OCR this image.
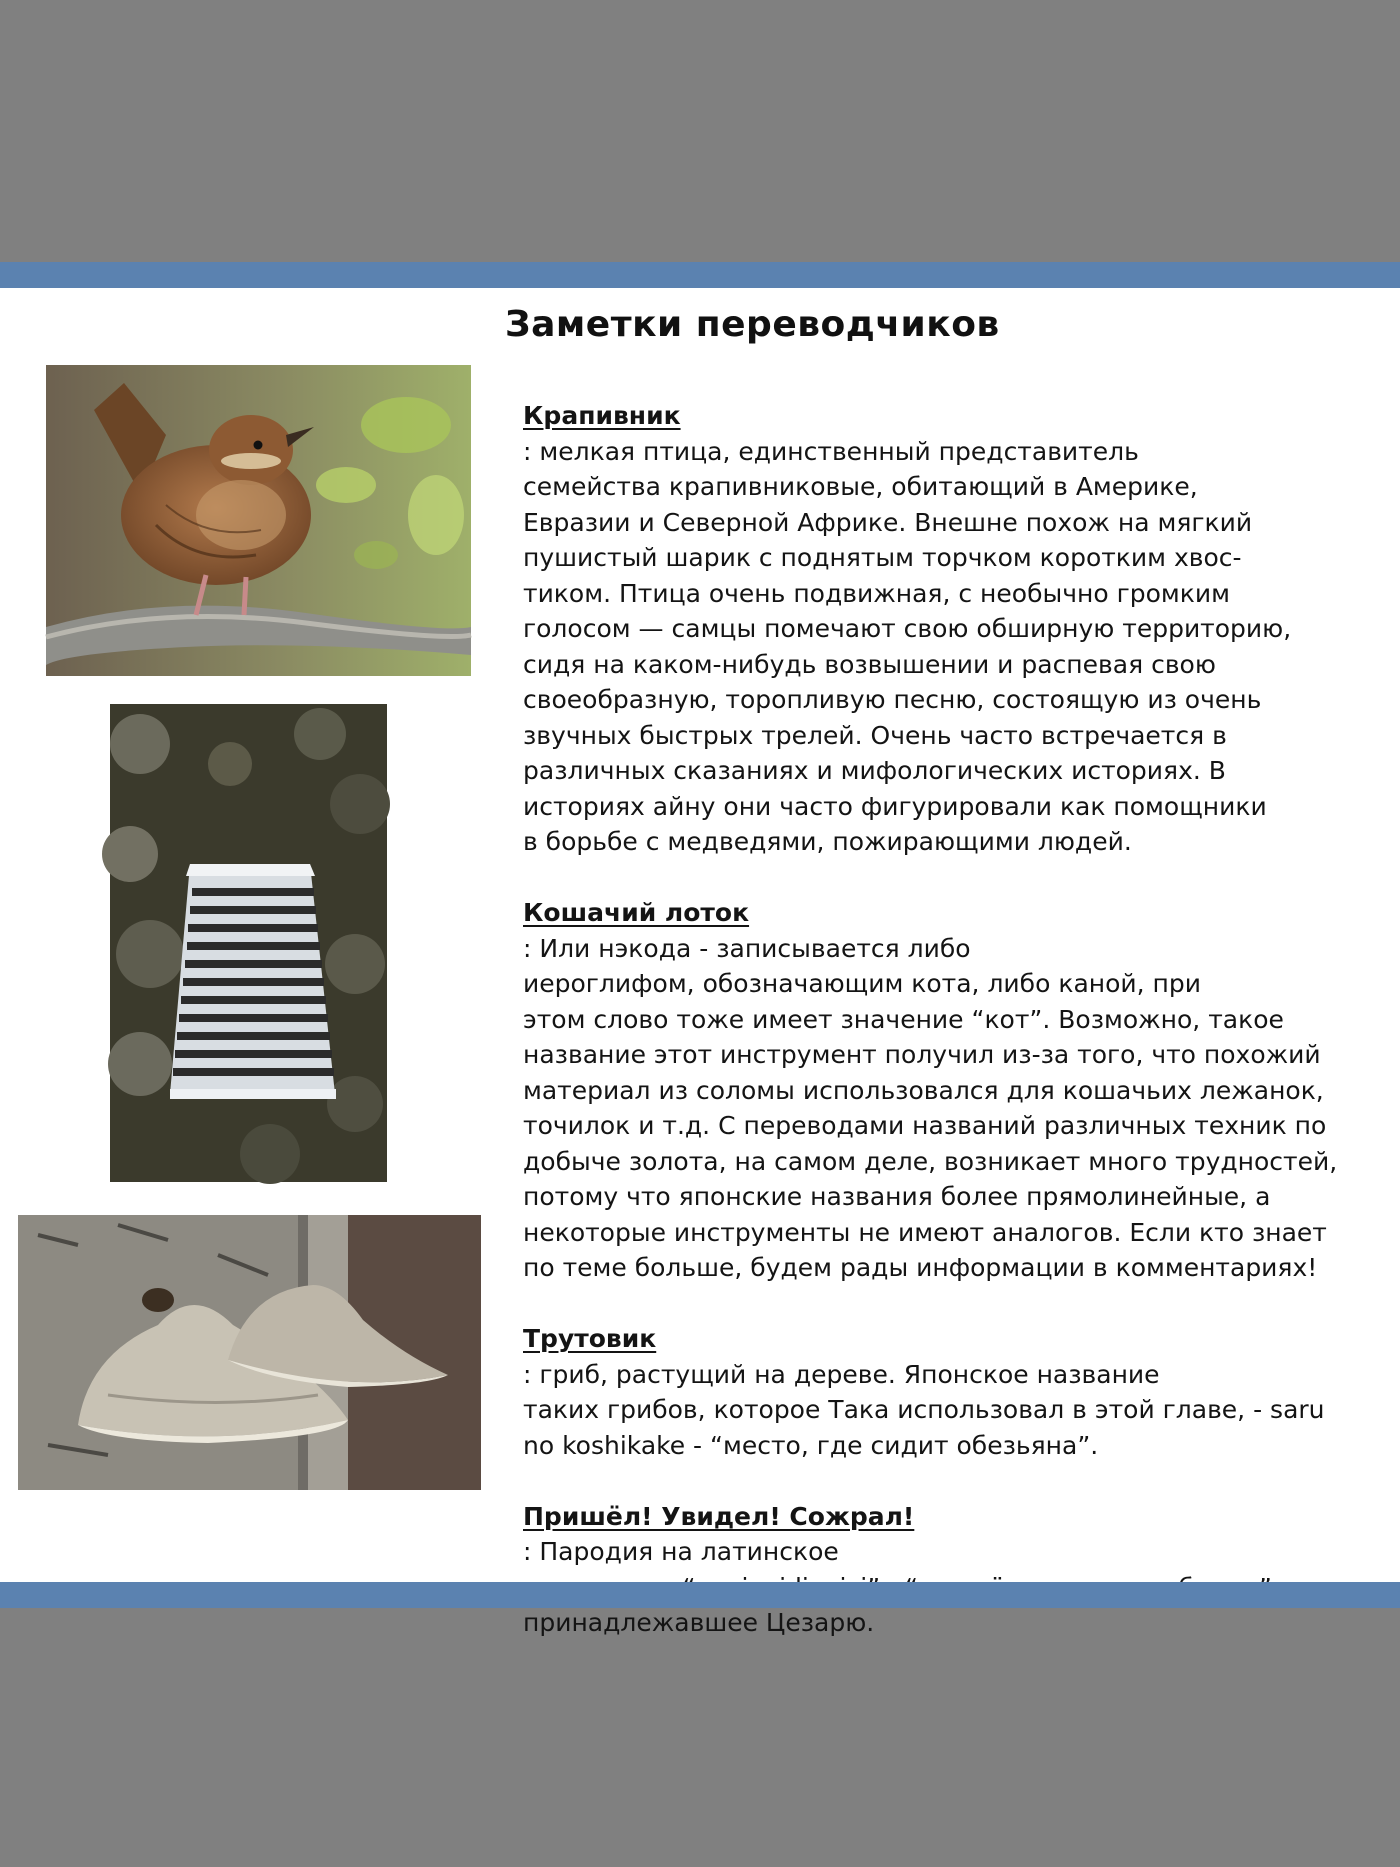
Заметки переводчиков

Крапивник
: мелкая птица, единственный представитель
семейства крапивниковые, обитающий в Америке,
Евразии и Северной Африке. Внешне похож на мягкий
пушистый шарик с поднятым торчком коротким хвос-
тиком. Птица очень подвижная, с необычно громким
голосом — самцы помечают свою обширную территорию,
сидя на каком-нибудь возвышении и распевая свою
своеобразную, торопливую песню, состоящую из очень
звучных быстрых трелей. Очень часто встречается в
различных сказаниях и мифологических историях. В
историях айну они часто фигурировали как помощники
в борьбе с медведями, пожирающими людей.

Кошачий лоток
: Или нэкода - записывается либо
иероглифом, обозначающим кота, либо каной, при
этом слово тоже имеет значение “кот”. Возможно, такое
название этот инструмент получил из-за того, что похожий
материал из соломы использовался для кошачьих лежанок,
точилок и т.д. С переводами названий различных техник по
добыче золота, на самом деле, возникает много трудностей,
потому что японские названия более прямолинейные, а
некоторые инструменты не имеют аналогов. Если кто знает
по теме больше, будем рады информации в комментариях!

Трутовик
: гриб, растущий на дереве. Японское название
таких грибов, которое Така использовал в этой главе, - saru
no koshikake - “место, где сидит обезьяна”.

Пришёл! Увидел! Сожрал!
: Пародия на латинское
принадлежавшее Цезарю.
